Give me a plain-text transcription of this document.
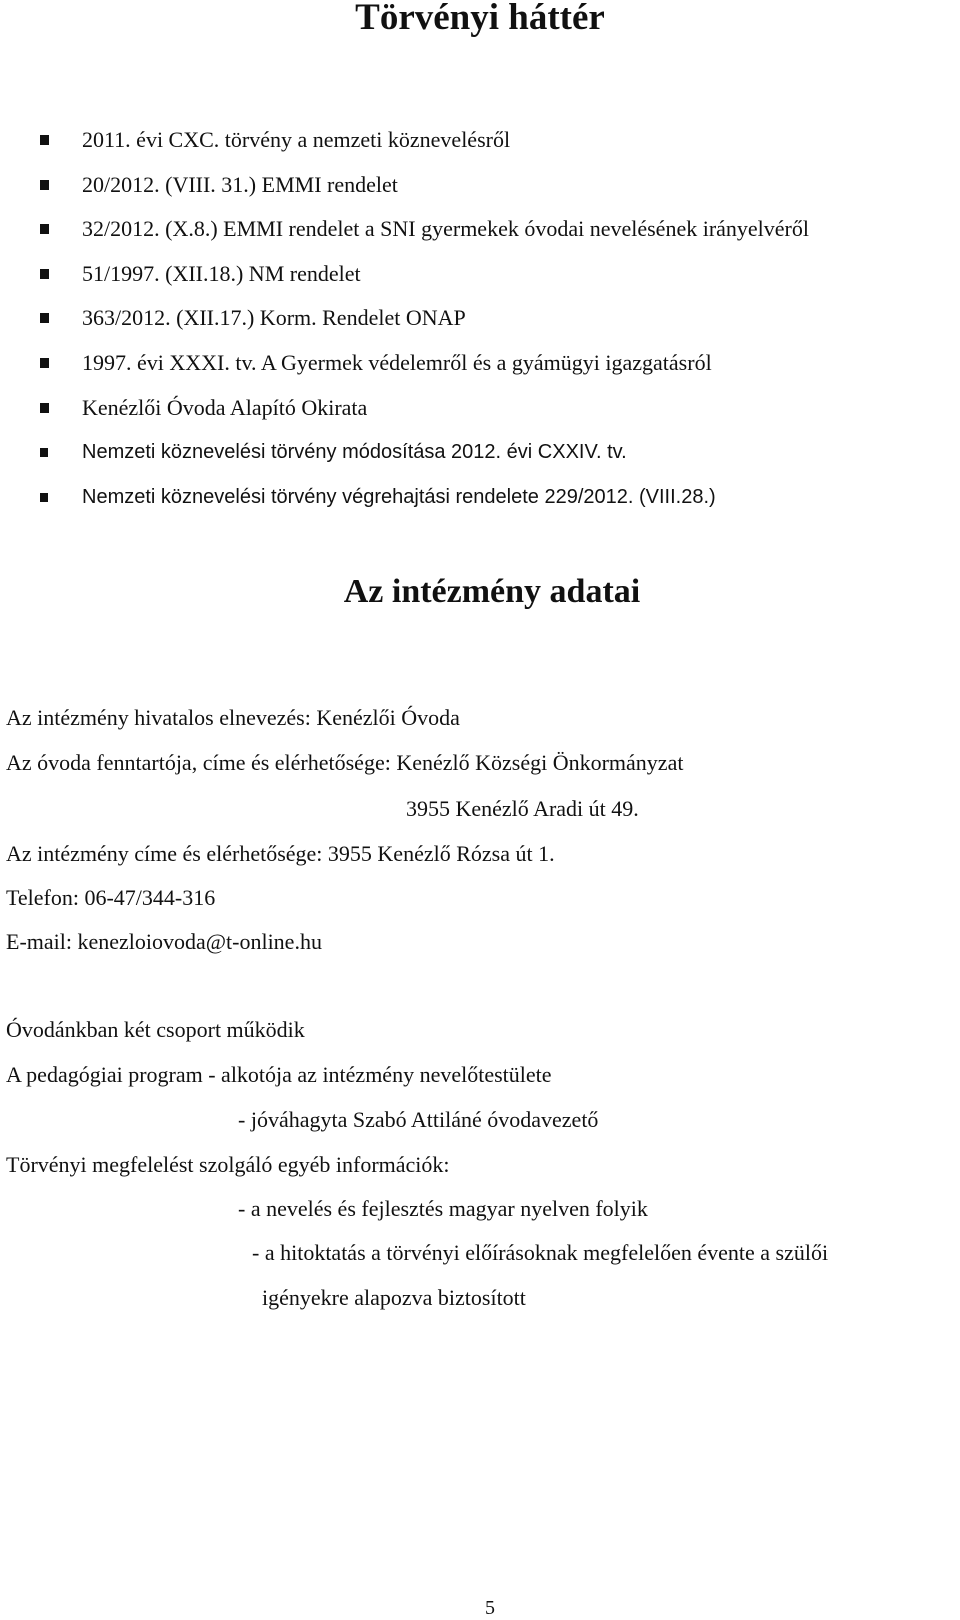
Törvényi háttér
2011. évi CXC. törvény a nemzeti köznevelésről
20/2012. (VIII. 31.) EMMI rendelet
32/2012. (X.8.) EMMI rendelet a SNI gyermekek óvodai nevelésének irányelvéről
51/1997. (XII.18.) NM rendelet
363/2012. (XII.17.) Korm. Rendelet ONAP
1997. évi XXXI. tv. A Gyermek védelemről és a gyámügyi igazgatásról
Kenézlői Óvoda Alapító Okirata
Nemzeti köznevelési törvény módosítása 2012. évi CXXIV. tv.
Nemzeti köznevelési törvény végrehajtási rendelete 229/2012. (VIII.28.)
Az intézmény adatai

Az intézmény hivatalos elnevezés: Kenézlői Óvoda

Az óvoda fenntartója, címe és elérhetősége: Kenézlő Községi Önkormányzat

3955 Kenézlő Aradi út 49.

Az intézmény címe és elérhetősége: 3955 Kenézlő Rózsa út 1.

Telefon: 06-47/344-316

E-mail: kenezloiovoda@t-online.hu

Óvodánkban két csoport működik

A pedagógiai program - alkotója az intézmény nevelőtestülete

- jóváhagyta Szabó Attiláné óvodavezető

Törvényi megfelelést szolgáló egyéb információk:

- a nevelés és fejlesztés magyar nyelven folyik

- a hitoktatás a törvényi előírásoknak megfelelően évente a szülői

igényekre alapozva biztosított

5
